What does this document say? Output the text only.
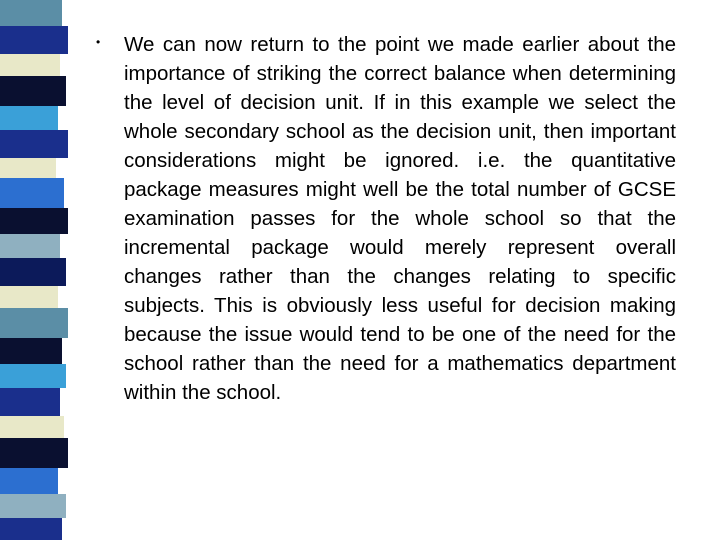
• We can now return to the point we made earlier about the importance of striking the correct balance when determining the level of decision unit. If in this example we select the whole secondary school as the decision unit, then important considerations might be ignored. i.e. the quantitative package measures might well be the total number of GCSE examination passes for the whole school so that the incremental package would merely represent overall changes rather than the changes relating to specific subjects. This is obviously less useful for decision making because the issue would tend to be one of the need for the school rather than the need for a mathematics department within the school.
